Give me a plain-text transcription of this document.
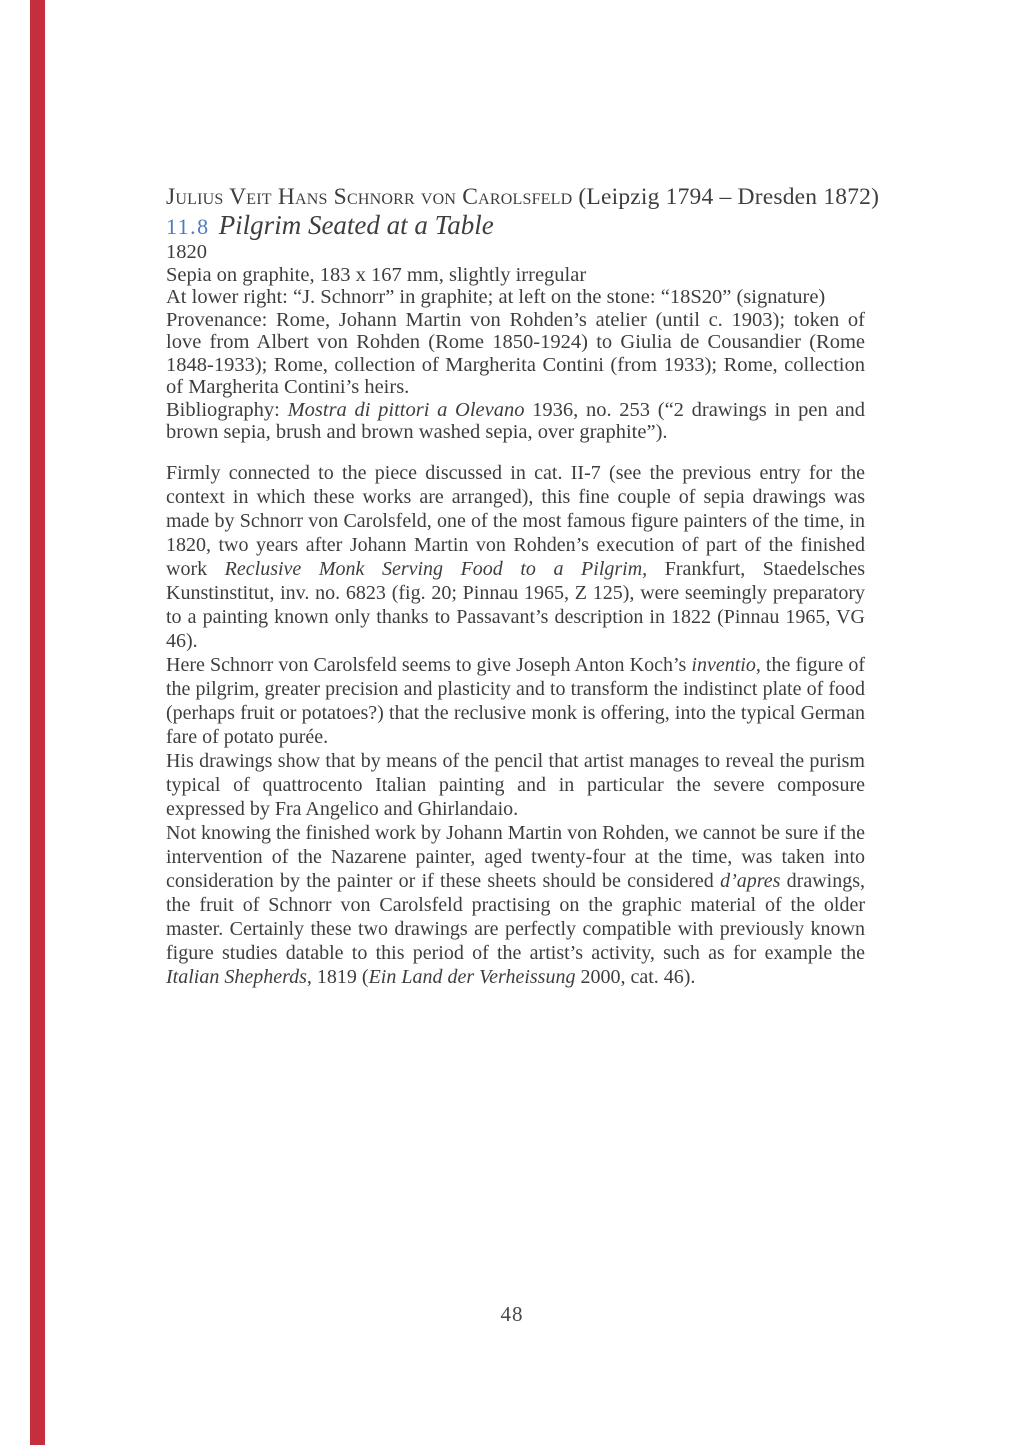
Julius Veit Hans Schnorr von Carolsfeld (Leipzig 1794 – Dresden 1872)
11.8 Pilgrim Seated at a Table

1820

Sepia on graphite, 183 x 167 mm, slightly irregular

At lower right: “J. Schnorr” in graphite; at left on the stone: “18S20” (signature)

Provenance: Rome, Johann Martin von Rohden’s atelier (until c. 1903); token of love from Albert von Rohden (Rome 1850-1924) to Giulia de Cousandier (Rome 1848-1933); Rome, collection of Margherita Contini (from 1933); Rome, collection of Margherita Contini’s heirs.

Bibliography: Mostra di pittori a Olevano 1936, no. 253 (“2 drawings in pen and brown sepia, brush and brown washed sepia, over graphite”).

Firmly connected to the piece discussed in cat. II-7 (see the previous entry for the context in which these works are arranged), this fine couple of sepia drawings was made by Schnorr von Carolsfeld, one of the most famous figure painters of the time, in 1820, two years after Johann Martin von Rohden’s execution of part of the finished work Reclusive Monk Serving Food to a Pilgrim, Frankfurt, Staedelsches Kunstinstitut, inv. no. 6823 (fig. 20; Pinnau 1965, Z 125), were seemingly preparatory to a painting known only thanks to Passavant’s description in 1822 (Pinnau 1965, VG 46).

Here Schnorr von Carolsfeld seems to give Joseph Anton Koch’s inventio, the figure of the pilgrim, greater precision and plasticity and to transform the indistinct plate of food (perhaps fruit or potatoes?) that the reclusive monk is offering, into the typical German fare of potato purée.

His drawings show that by means of the pencil that artist manages to reveal the purism typical of quattrocento Italian painting and in particular the severe composure expressed by Fra Angelico and Ghirlandaio.

Not knowing the finished work by Johann Martin von Rohden, we cannot be sure if the intervention of the Nazarene painter, aged twenty-four at the time, was taken into consideration by the painter or if these sheets should be considered d’apres drawings, the fruit of Schnorr von Carolsfeld practising on the graphic material of the older master. Certainly these two drawings are perfectly compatible with previously known figure studies datable to this period of the artist’s activity, such as for example the Italian Shepherds, 1819 (Ein Land der Verheissung 2000, cat. 46).

48
